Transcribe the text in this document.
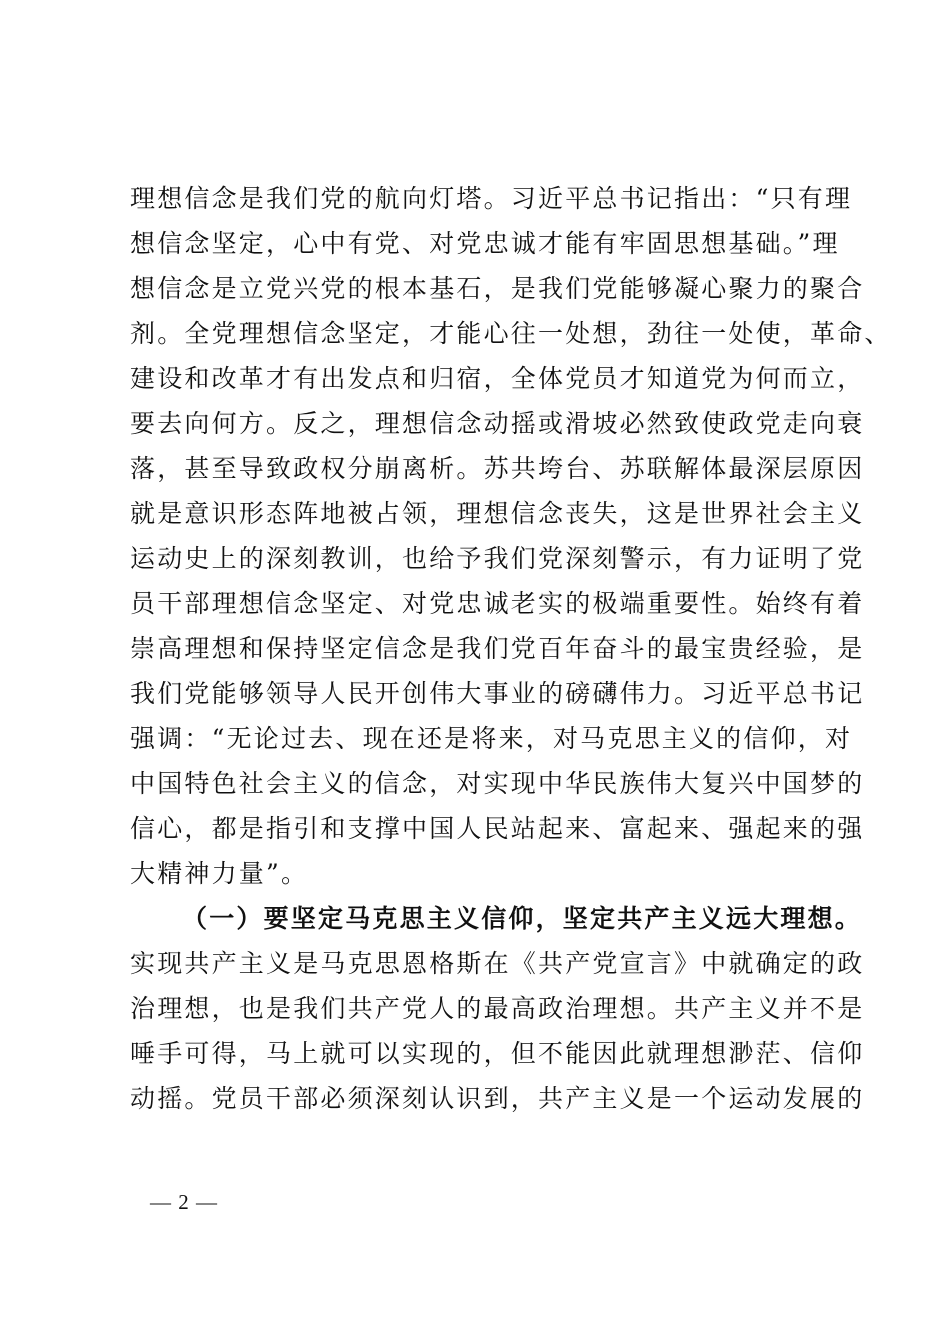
理想信念是我们党的航向灯塔。习近平总书记指出：“只有理
想信念坚定，心中有党、对党忠诚才能有牢固思想基础。”理
想信念是立党兴党的根本基石，是我们党能够凝心聚力的聚合
剂。全党理想信念坚定，才能心往一处想，劲往一处使，革命、
建设和改革才有出发点和归宿，全体党员才知道党为何而立，
要去向何方。反之，理想信念动摇或滑坡必然致使政党走向衰
落，甚至导致政权分崩离析。苏共垮台、苏联解体最深层原因
就是意识形态阵地被占领，理想信念丧失，这是世界社会主义
运动史上的深刻教训，也给予我们党深刻警示，有力证明了党
员干部理想信念坚定、对党忠诚老实的极端重要性。始终有着
崇高理想和保持坚定信念是我们党百年奋斗的最宝贵经验，是
我们党能够领导人民开创伟大事业的磅礴伟力。习近平总书记
强调：“无论过去、现在还是将来，对马克思主义的信仰，对
中国特色社会主义的信念，对实现中华民族伟大复兴中国梦的
信心，都是指引和支撑中国人民站起来、富起来、强起来的强
大精神力量”。
（一）要坚定马克思主义信仰，坚定共产主义远大理想。
实现共产主义是马克思恩格斯在《共产党宣言》中就确定的政
治理想，也是我们共产党人的最高政治理想。共产主义并不是
唾手可得，马上就可以实现的，但不能因此就理想渺茫、信仰
动摇。党员干部必须深刻认识到，共产主义是一个运动发展的
— 2 —
